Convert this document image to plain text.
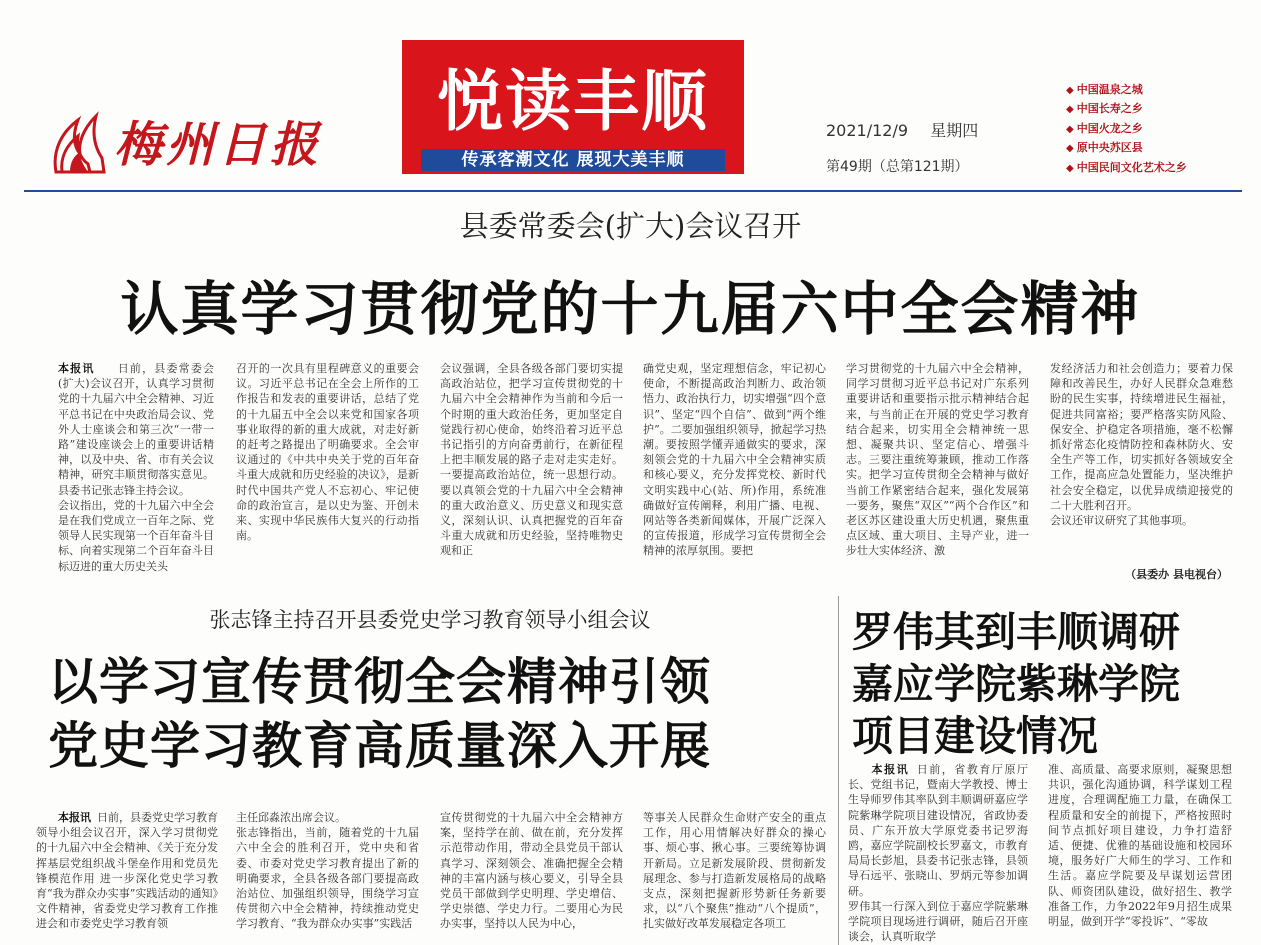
梅州日报
悦读丰顺
传承客潮文化 展现大美丰顺
2021/12/9 星期四
第49期（总第121期）
◆ 中国温泉之城
◆ 中国长寿之乡
◆ 中国火龙之乡
◆ 原中央苏区县
◆ 中国民间文化艺术之乡
县委常委会(扩大)会议召开
认真学习贯彻党的十九届六中全会精神
本报讯 日前，县委常委会(扩大)会议召开，认真学习贯彻党的十九届六中全会精神、习近平总书记在中央政治局会议、党外人士座谈会和第三次“一带一路”建设座谈会上的重要讲话精神，以及中央、省、市有关会议精神，研究丰顺贯彻落实意见。县委书记张志锋主持会议。
会议指出，党的十九届六中全会是在我们党成立一百年之际、党领导人民实现第一个百年奋斗目标、向着实现第二个百年奋斗目标迈进的重大历史关头
召开的一次具有里程碑意义的重要会议。习近平总书记在全会上所作的工作报告和发表的重要讲话，总结了党的十九届五中全会以来党和国家各项事业取得的新的重大成就，对走好新的赶考之路提出了明确要求。全会审议通过的《中共中央关于党的百年奋斗重大成就和历史经验的决议》，是新时代中国共产党人不忘初心、牢记使命的政治宣言，是以史为鉴、开创未来、实现中华民族伟大复兴的行动指南。
会议强调，全县各级各部门要切实提高政治站位，把学习宣传贯彻党的十九届六中全会精神作为当前和今后一个时期的重大政治任务，更加坚定自觉践行初心使命，始终沿着习近平总书记指引的方向奋勇前行，在新征程上把丰顺发展的路子走对走实走好。一要提高政治站位，统一思想行动。要以真领会党的十九届六中全会精神的重大政治意义、历史意义和现实意义，深刻认识、认真把握党的百年奋斗重大成就和历史经验，坚持唯物史观和正
确党史观，坚定理想信念，牢记初心使命，不断提高政治判断力、政治领悟力、政治执行力，切实增强“四个意识”、坚定“四个自信”、做到“两个维护”。二要加强组织领导，掀起学习热潮。要按照学懂弄通做实的要求，深刻领会党的十九届六中全会精神实质和核心要义，充分发挥党校、新时代文明实践中心(站、所)作用，系统准确做好宣传阐释，利用广播、电视、网站等各类新闻媒体，开展广泛深入的宣传报道，形成学习宣传贯彻全会精神的浓厚氛围。要把
学习贯彻党的十九届六中全会精神，同学习贯彻习近平总书记对广东系列重要讲话和重要指示批示精神结合起来，与当前正在开展的党史学习教育结合起来，切实用全会精神统一思想、凝聚共识、坚定信心、增强斗志。三要注重统筹兼顾，推动工作落实。把学习宣传贯彻全会精神与做好当前工作紧密结合起来，强化发展第一要务，聚焦“双区”“两个合作区”和老区苏区建设重大历史机遇，聚焦重点区域、重大项目、主导产业，进一步壮大实体经济、激
发经济活力和社会创造力；要着力保障和改善民生，办好人民群众急难愁盼的民生实事，持续增进民生福祉，促进共同富裕；要严格落实防风险、保安全、护稳定各项措施，毫不松懈抓好常态化疫情防控和森林防火、安全生产等工作，切实抓好各领域安全工作，提高应急处置能力，坚决维护社会安全稳定，以优异成绩迎接党的二十大胜利召开。
会议还审议研究了其他事项。
（县委办 县电视台）
张志锋主持召开县委党史学习教育领导小组会议
以学习宣传贯彻全会精神引领
党史学习教育高质量深入开展
本报讯 日前，县委党史学习教育领导小组会议召开，深入学习贯彻党的十九届六中全会精神、《关于充分发挥基层党组织战斗堡垒作用和党员先锋模范作用 进一步深化党史学习教育“我为群众办实事”实践活动的通知》文件精神，省委党史学习教育工作推进会和市委党史学习教育领
主任邱淼浓出席会议。
张志锋指出，当前，随着党的十九届六中全会的胜利召开，党中央和省委、市委对党史学习教育提出了新的明确要求，全县各级各部门要提高政治站位、加强组织领导，围绕学习宣传贯彻六中全会精神，持续推动党史学习教育、“我为群众办实事”实践活
宣传贯彻党的十九届六中全会精神方案，坚持学在前、做在前，充分发挥示范带动作用，带动全县党员干部认真学习、深刻领会、准确把握全会精神的丰富内涵与核心要义，引导全县党员干部做到学史明理、学史增信、学史崇德、学史力行。二要用心为民办实事，坚持以人民为中心，
等事关人民群众生命财产安全的重点工作，用心用情解决好群众的操心事、烦心事、揪心事。三要统筹协调开新局。立足新发展阶段、贯彻新发展理念、参与打造新发展格局的战略支点，深刻把握新形势新任务新要求，以“八个聚焦”推动“八个提质”，扎实做好改革发展稳定各项工
罗伟其到丰顺调研
嘉应学院紫琳学院
项目建设情况
本报讯 日前，省教育厅原厅长、党组书记，暨南大学教授、博士生导师罗伟其率队到丰顺调研嘉应学院紫琳学院项目建设情况，省政协委员、广东开放大学原党委书记罗海鸥，嘉应学院副校长罗嘉文，市教育局局长彭旭，县委书记张志锋，县领导石远平、张晓山、罗炳元等参加调研。
罗伟其一行深入到位于嘉应学院紫琳学院项目现场进行调研，随后召开座谈会，认真听取学
准、高质量、高要求原则，凝聚思想共识，强化沟通协调，科学谋划工程进度，合理调配施工力量，在确保工程质量和安全的前提下，严格按照时间节点抓好项目建设，力争打造舒适、便捷、优雅的基础设施和校园环境，服务好广大师生的学习、工作和生活。嘉应学院要及早谋划运营团队、师资团队建设，做好招生、教学准备工作，力争2022年9月招生成果明显，做到开学“零投诉”、“零故
